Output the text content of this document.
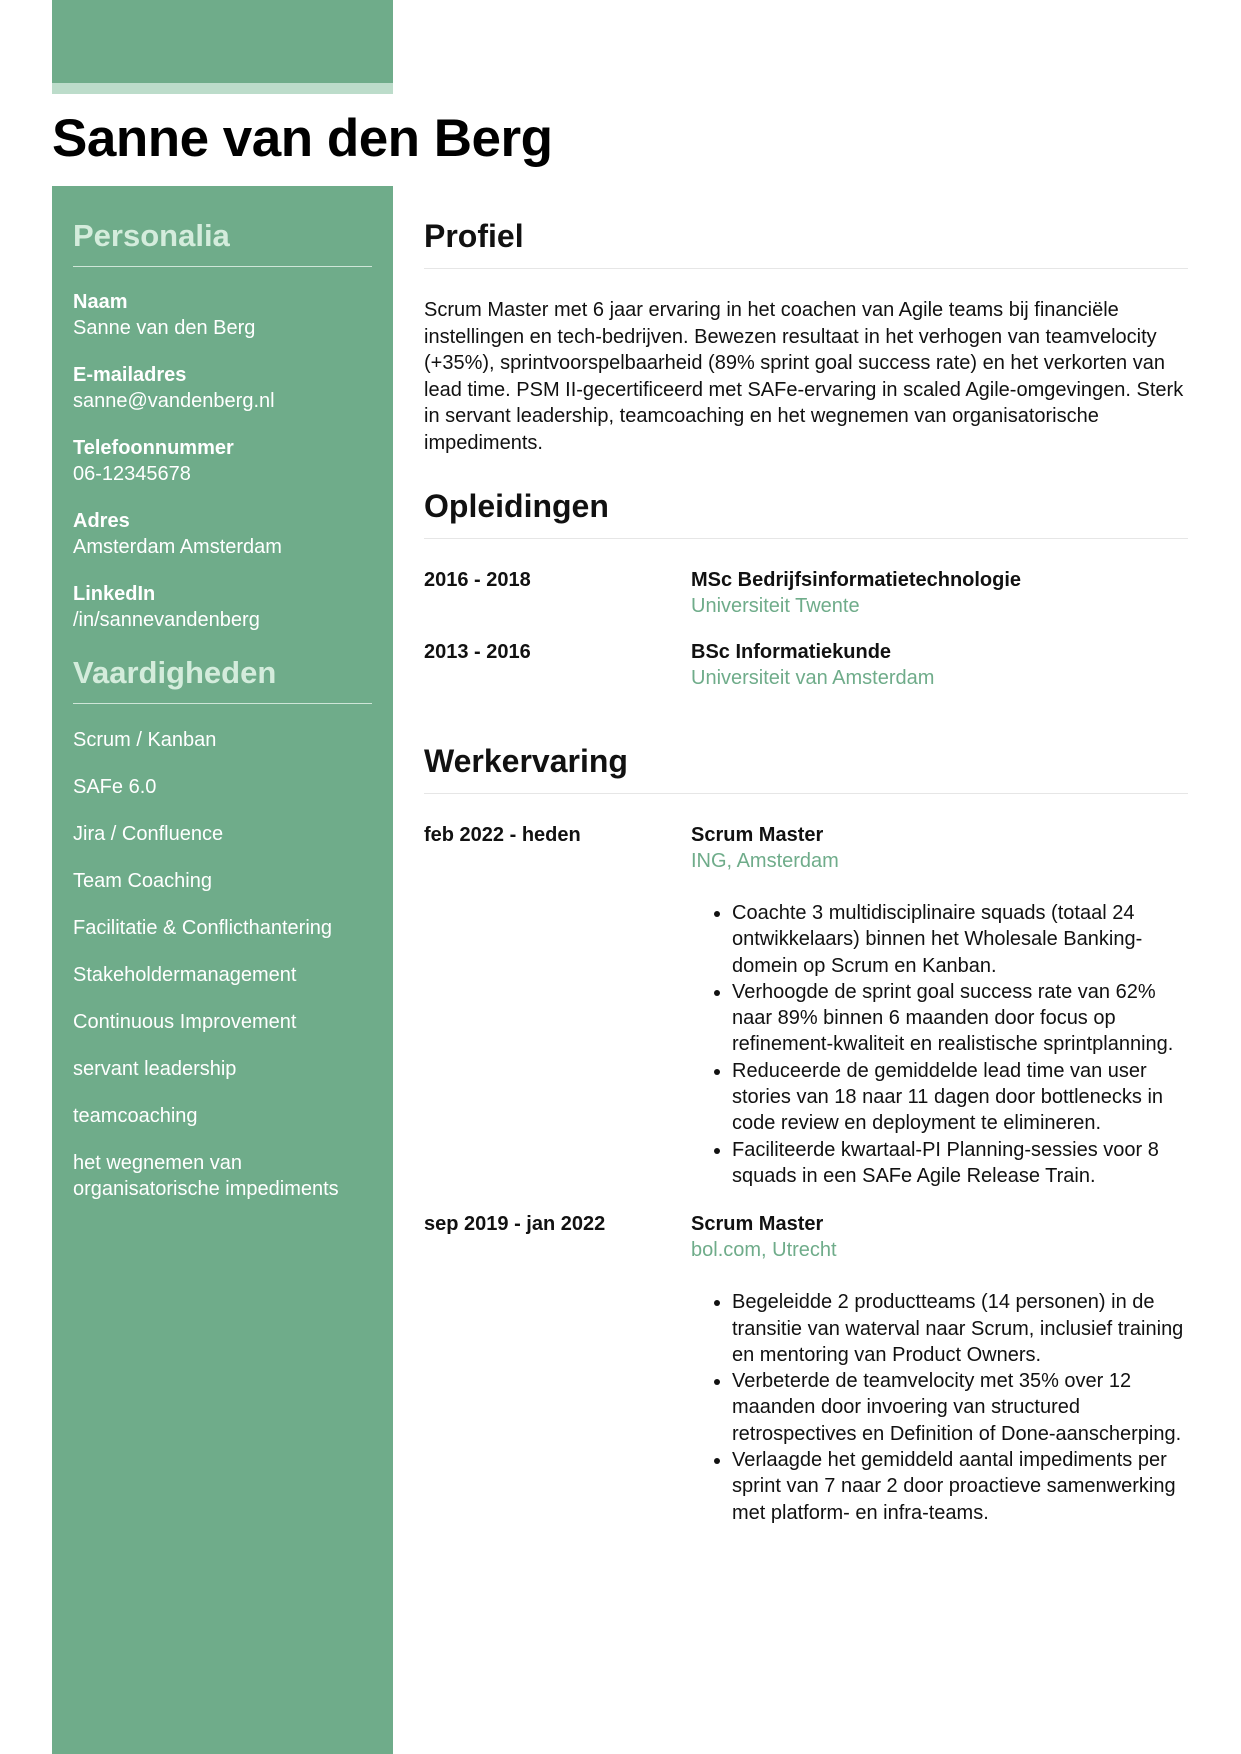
Sanne van den Berg
Personalia
Naam
Sanne van den Berg
E-mailadres
sanne@vandenberg.nl
Telefoonnummer
06-12345678
Adres
Amsterdam Amsterdam
LinkedIn
/in/sannevandenberg
Vaardigheden
Scrum / Kanban
SAFe 6.0
Jira / Confluence
Team Coaching
Facilitatie & Conflicthantering
Stakeholdermanagement
Continuous Improvement
servant leadership
teamcoaching
het wegnemen van organisatorische impediments
Profiel

Scrum Master met 6 jaar ervaring in het coachen van Agile teams bij financiële instellingen en tech-bedrijven. Bewezen resultaat in het verhogen van teamvelocity (+35%), sprintvoorspelbaarheid (89% sprint goal success rate) en het verkorten van lead time. PSM II-gecertificeerd met SAFe-ervaring in scaled Agile-omgevingen. Sterk in servant leadership, teamcoaching en het wegnemen van organisatorische impediments.

Opleidingen
2016 - 2018	MSc Bedrijfsinformatietechnologie
Universiteit Twente
2013 - 2016	BSc Informatiekunde
Universiteit van Amsterdam
Werkervaring
feb 2022 - heden	Scrum Master
ING, Amsterdam
• Coachte 3 multidisciplinaire squads (totaal 24 ontwikkelaars) binnen het Wholesale Banking-domein op Scrum en Kanban.
• Verhoogde de sprint goal success rate van 62% naar 89% binnen 6 maanden door focus op refinement-kwaliteit en realistische sprintplanning.
• Reduceerde de gemiddelde lead time van user stories van 18 naar 11 dagen door bottlenecks in code review en deployment te elimineren.
• Faciliteerde kwartaal-PI Planning-sessies voor 8 squads in een SAFe Agile Release Train.
sep 2019 - jan 2022	Scrum Master
bol.com, Utrecht
• Begeleidde 2 productteams (14 personen) in de transitie van waterval naar Scrum, inclusief training en mentoring van Product Owners.
• Verbeterde de teamvelocity met 35% over 12 maanden door invoering van structured retrospectives en Definition of Done-aanscherping.
• Verlaagde het gemiddeld aantal impediments per sprint van 7 naar 2 door proactieve samenwerking met platform- en infra-teams.
